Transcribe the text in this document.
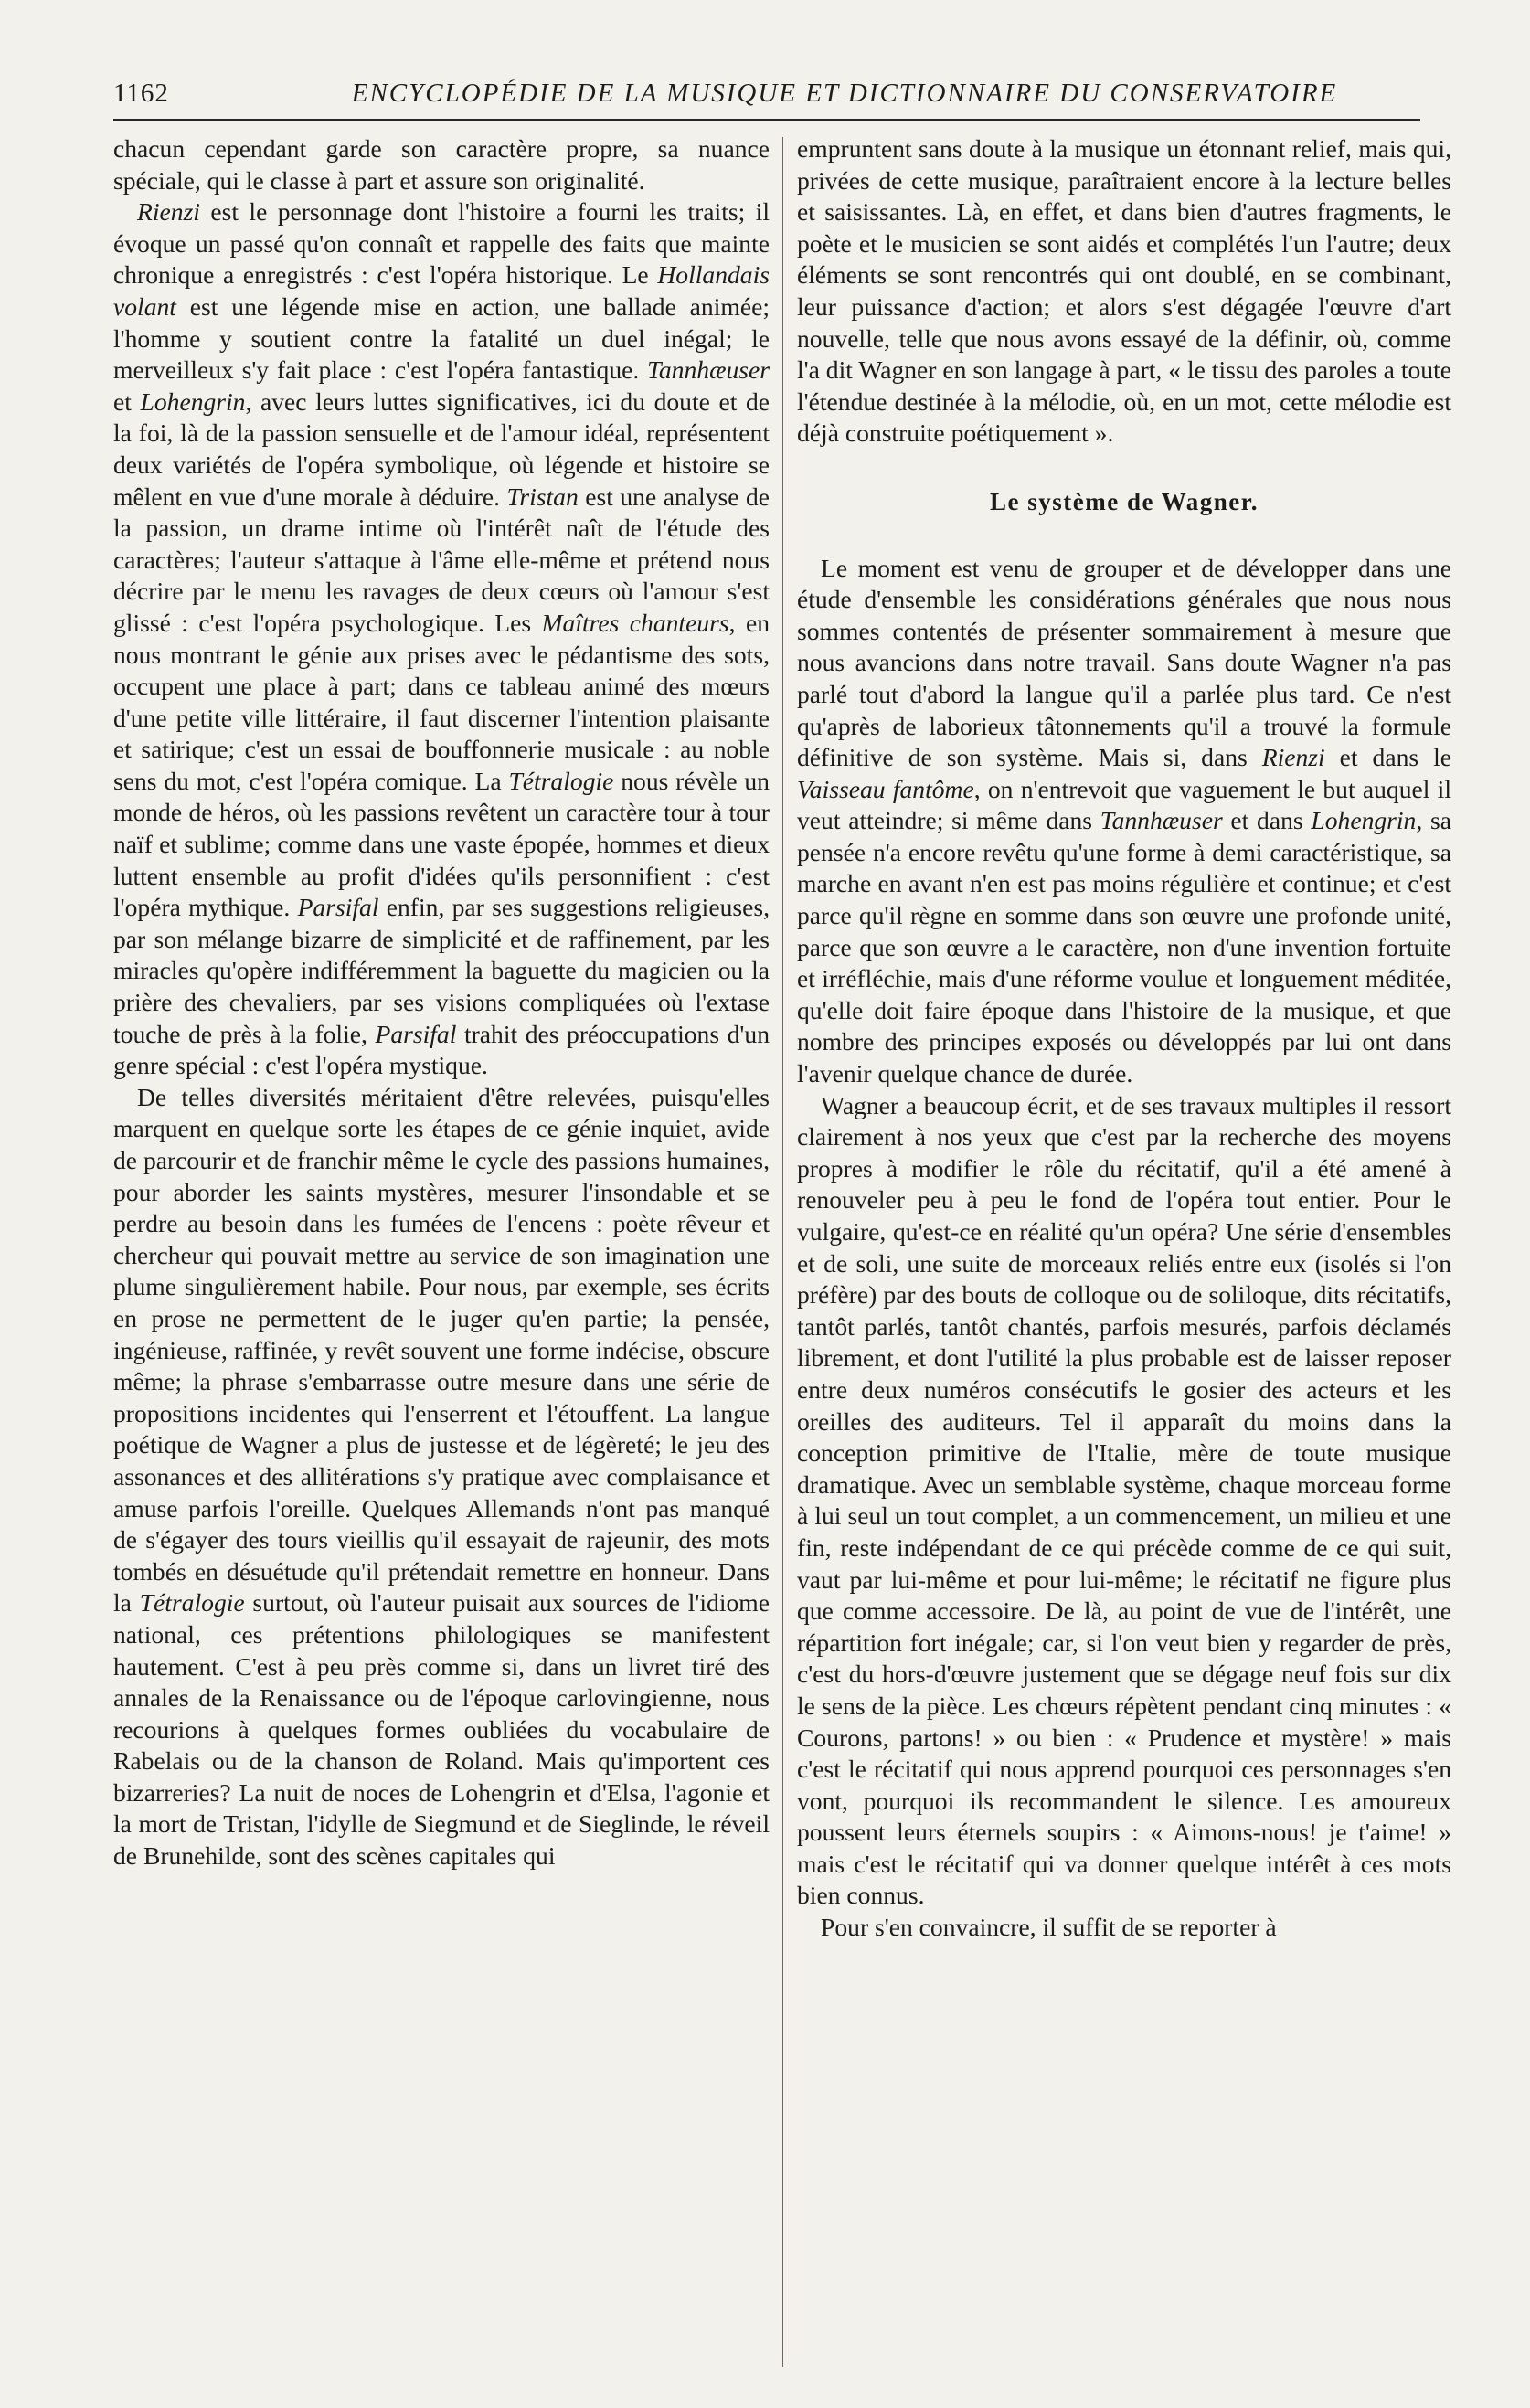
1162	ENCYCLOPÉDIE DE LA MUSIQUE ET DICTIONNAIRE DU CONSERVATOIRE

chacun cependant garde son caractère propre, sa nuance spéciale, qui le classe à part et assure son originalité.

Rienzi est le personnage dont l'histoire a fourni les traits; il évoque un passé qu'on connaît et rappelle des faits que mainte chronique a enregistrés : c'est l'opéra historique. Le Hollandais volant est une légende mise en action, une ballade animée; l'homme y soutient contre la fatalité un duel inégal; le merveilleux s'y fait place : c'est l'opéra fantastique. Tannhæuser et Lohengrin, avec leurs luttes significatives, ici du doute et de la foi, là de la passion sensuelle et de l'amour idéal, représentent deux variétés de l'opéra symbolique, où légende et histoire se mêlent en vue d'une morale à déduire. Tristan est une analyse de la passion, un drame intime où l'intérêt naît de l'étude des caractères; l'auteur s'attaque à l'âme elle-même et prétend nous décrire par le menu les ravages de deux cœurs où l'amour s'est glissé : c'est l'opéra psychologique. Les Maîtres chanteurs, en nous montrant le génie aux prises avec le pédantisme des sots, occupent une place à part; dans ce tableau animé des mœurs d'une petite ville littéraire, il faut discerner l'intention plaisante et satirique; c'est un essai de bouffonnerie musicale : au noble sens du mot, c'est l'opéra comique. La Tétralogie nous révèle un monde de héros, où les passions revêtent un caractère tour à tour naïf et sublime; comme dans une vaste épopée, hommes et dieux luttent ensemble au profit d'idées qu'ils personnifient : c'est l'opéra mythique. Parsifal enfin, par ses suggestions religieuses, par son mélange bizarre de simplicité et de raffinement, par les miracles qu'opère indifféremment la baguette du magicien ou la prière des chevaliers, par ses visions compliquées où l'extase touche de près à la folie, Parsifal trahit des préoccupations d'un genre spécial : c'est l'opéra mystique.

De telles diversités méritaient d'être relevées, puisqu'elles marquent en quelque sorte les étapes de ce génie inquiet, avide de parcourir et de franchir même le cycle des passions humaines, pour aborder les saints mystères, mesurer l'insondable et se perdre au besoin dans les fumées de l'encens : poète rêveur et chercheur qui pouvait mettre au service de son imagination une plume singulièrement habile. Pour nous, par exemple, ses écrits en prose ne permettent de le juger qu'en partie; la pensée, ingénieuse, raffinée, y revêt souvent une forme indécise, obscure même; la phrase s'embarrasse outre mesure dans une série de propositions incidentes qui l'enserrent et l'étouffent. La langue poétique de Wagner a plus de justesse et de légèreté; le jeu des assonances et des allitérations s'y pratique avec complaisance et amuse parfois l'oreille. Quelques Allemands n'ont pas manqué de s'égayer des tours vieillis qu'il essayait de rajeunir, des mots tombés en désuétude qu'il prétendait remettre en honneur. Dans la Tétralogie surtout, où l'auteur puisait aux sources de l'idiome national, ces prétentions philologiques se manifestent hautement. C'est à peu près comme si, dans un livret tiré des annales de la Renaissance ou de l'époque carlovingienne, nous recourions à quelques formes oubliées du vocabulaire de Rabelais ou de la chanson de Roland. Mais qu'importent ces bizarreries? La nuit de noces de Lohengrin et d'Elsa, l'agonie et la mort de Tristan, l'idylle de Siegmund et de Sieglinde, le réveil de Brunehilde, sont des scènes capitales qui

empruntent sans doute à la musique un étonnant relief, mais qui, privées de cette musique, paraîtraient encore à la lecture belles et saisissantes. Là, en effet, et dans bien d'autres fragments, le poète et le musicien se sont aidés et complétés l'un l'autre; deux éléments se sont rencontrés qui ont doublé, en se combinant, leur puissance d'action; et alors s'est dégagée l'œuvre d'art nouvelle, telle que nous avons essayé de la définir, où, comme l'a dit Wagner en son langage à part, « le tissu des paroles a toute l'étendue destinée à la mélodie, où, en un mot, cette mélodie est déjà construite poétiquement ».

Le système de Wagner.

Le moment est venu de grouper et de développer dans une étude d'ensemble les considérations générales que nous nous sommes contentés de présenter sommairement à mesure que nous avancions dans notre travail. Sans doute Wagner n'a pas parlé tout d'abord la langue qu'il a parlée plus tard. Ce n'est qu'après de laborieux tâtonnements qu'il a trouvé la formule définitive de son système. Mais si, dans Rienzi et dans le Vaisseau fantôme, on n'entrevoit que vaguement le but auquel il veut atteindre; si même dans Tannhæuser et dans Lohengrin, sa pensée n'a encore revêtu qu'une forme à demi caractéristique, sa marche en avant n'en est pas moins régulière et continue; et c'est parce qu'il règne en somme dans son œuvre une profonde unité, parce que son œuvre a le caractère, non d'une invention fortuite et irréfléchie, mais d'une réforme voulue et longuement méditée, qu'elle doit faire époque dans l'histoire de la musique, et que nombre des principes exposés ou développés par lui ont dans l'avenir quelque chance de durée.

Wagner a beaucoup écrit, et de ses travaux multiples il ressort clairement à nos yeux que c'est par la recherche des moyens propres à modifier le rôle du récitatif, qu'il a été amené à renouveler peu à peu le fond de l'opéra tout entier. Pour le vulgaire, qu'est-ce en réalité qu'un opéra? Une série d'ensembles et de soli, une suite de morceaux reliés entre eux (isolés si l'on préfère) par des bouts de colloque ou de soliloque, dits récitatifs, tantôt parlés, tantôt chantés, parfois mesurés, parfois déclamés librement, et dont l'utilité la plus probable est de laisser reposer entre deux numéros consécutifs le gosier des acteurs et les oreilles des auditeurs. Tel il apparaît du moins dans la conception primitive de l'Italie, mère de toute musique dramatique. Avec un semblable système, chaque morceau forme à lui seul un tout complet, a un commencement, un milieu et une fin, reste indépendant de ce qui précède comme de ce qui suit, vaut par lui-même et pour lui-même; le récitatif ne figure plus que comme accessoire. De là, au point de vue de l'intérêt, une répartition fort inégale; car, si l'on veut bien y regarder de près, c'est du hors-d'œuvre justement que se dégage neuf fois sur dix le sens de la pièce. Les chœurs répètent pendant cinq minutes : « Courons, partons! » ou bien : « Prudence et mystère! » mais c'est le récitatif qui nous apprend pourquoi ces personnages s'en vont, pourquoi ils recommandent le silence. Les amoureux poussent leurs éternels soupirs : « Aimons-nous! je t'aime! » mais c'est le récitatif qui va donner quelque intérêt à ces mots bien connus.

Pour s'en convaincre, il suffit de se reporter à
